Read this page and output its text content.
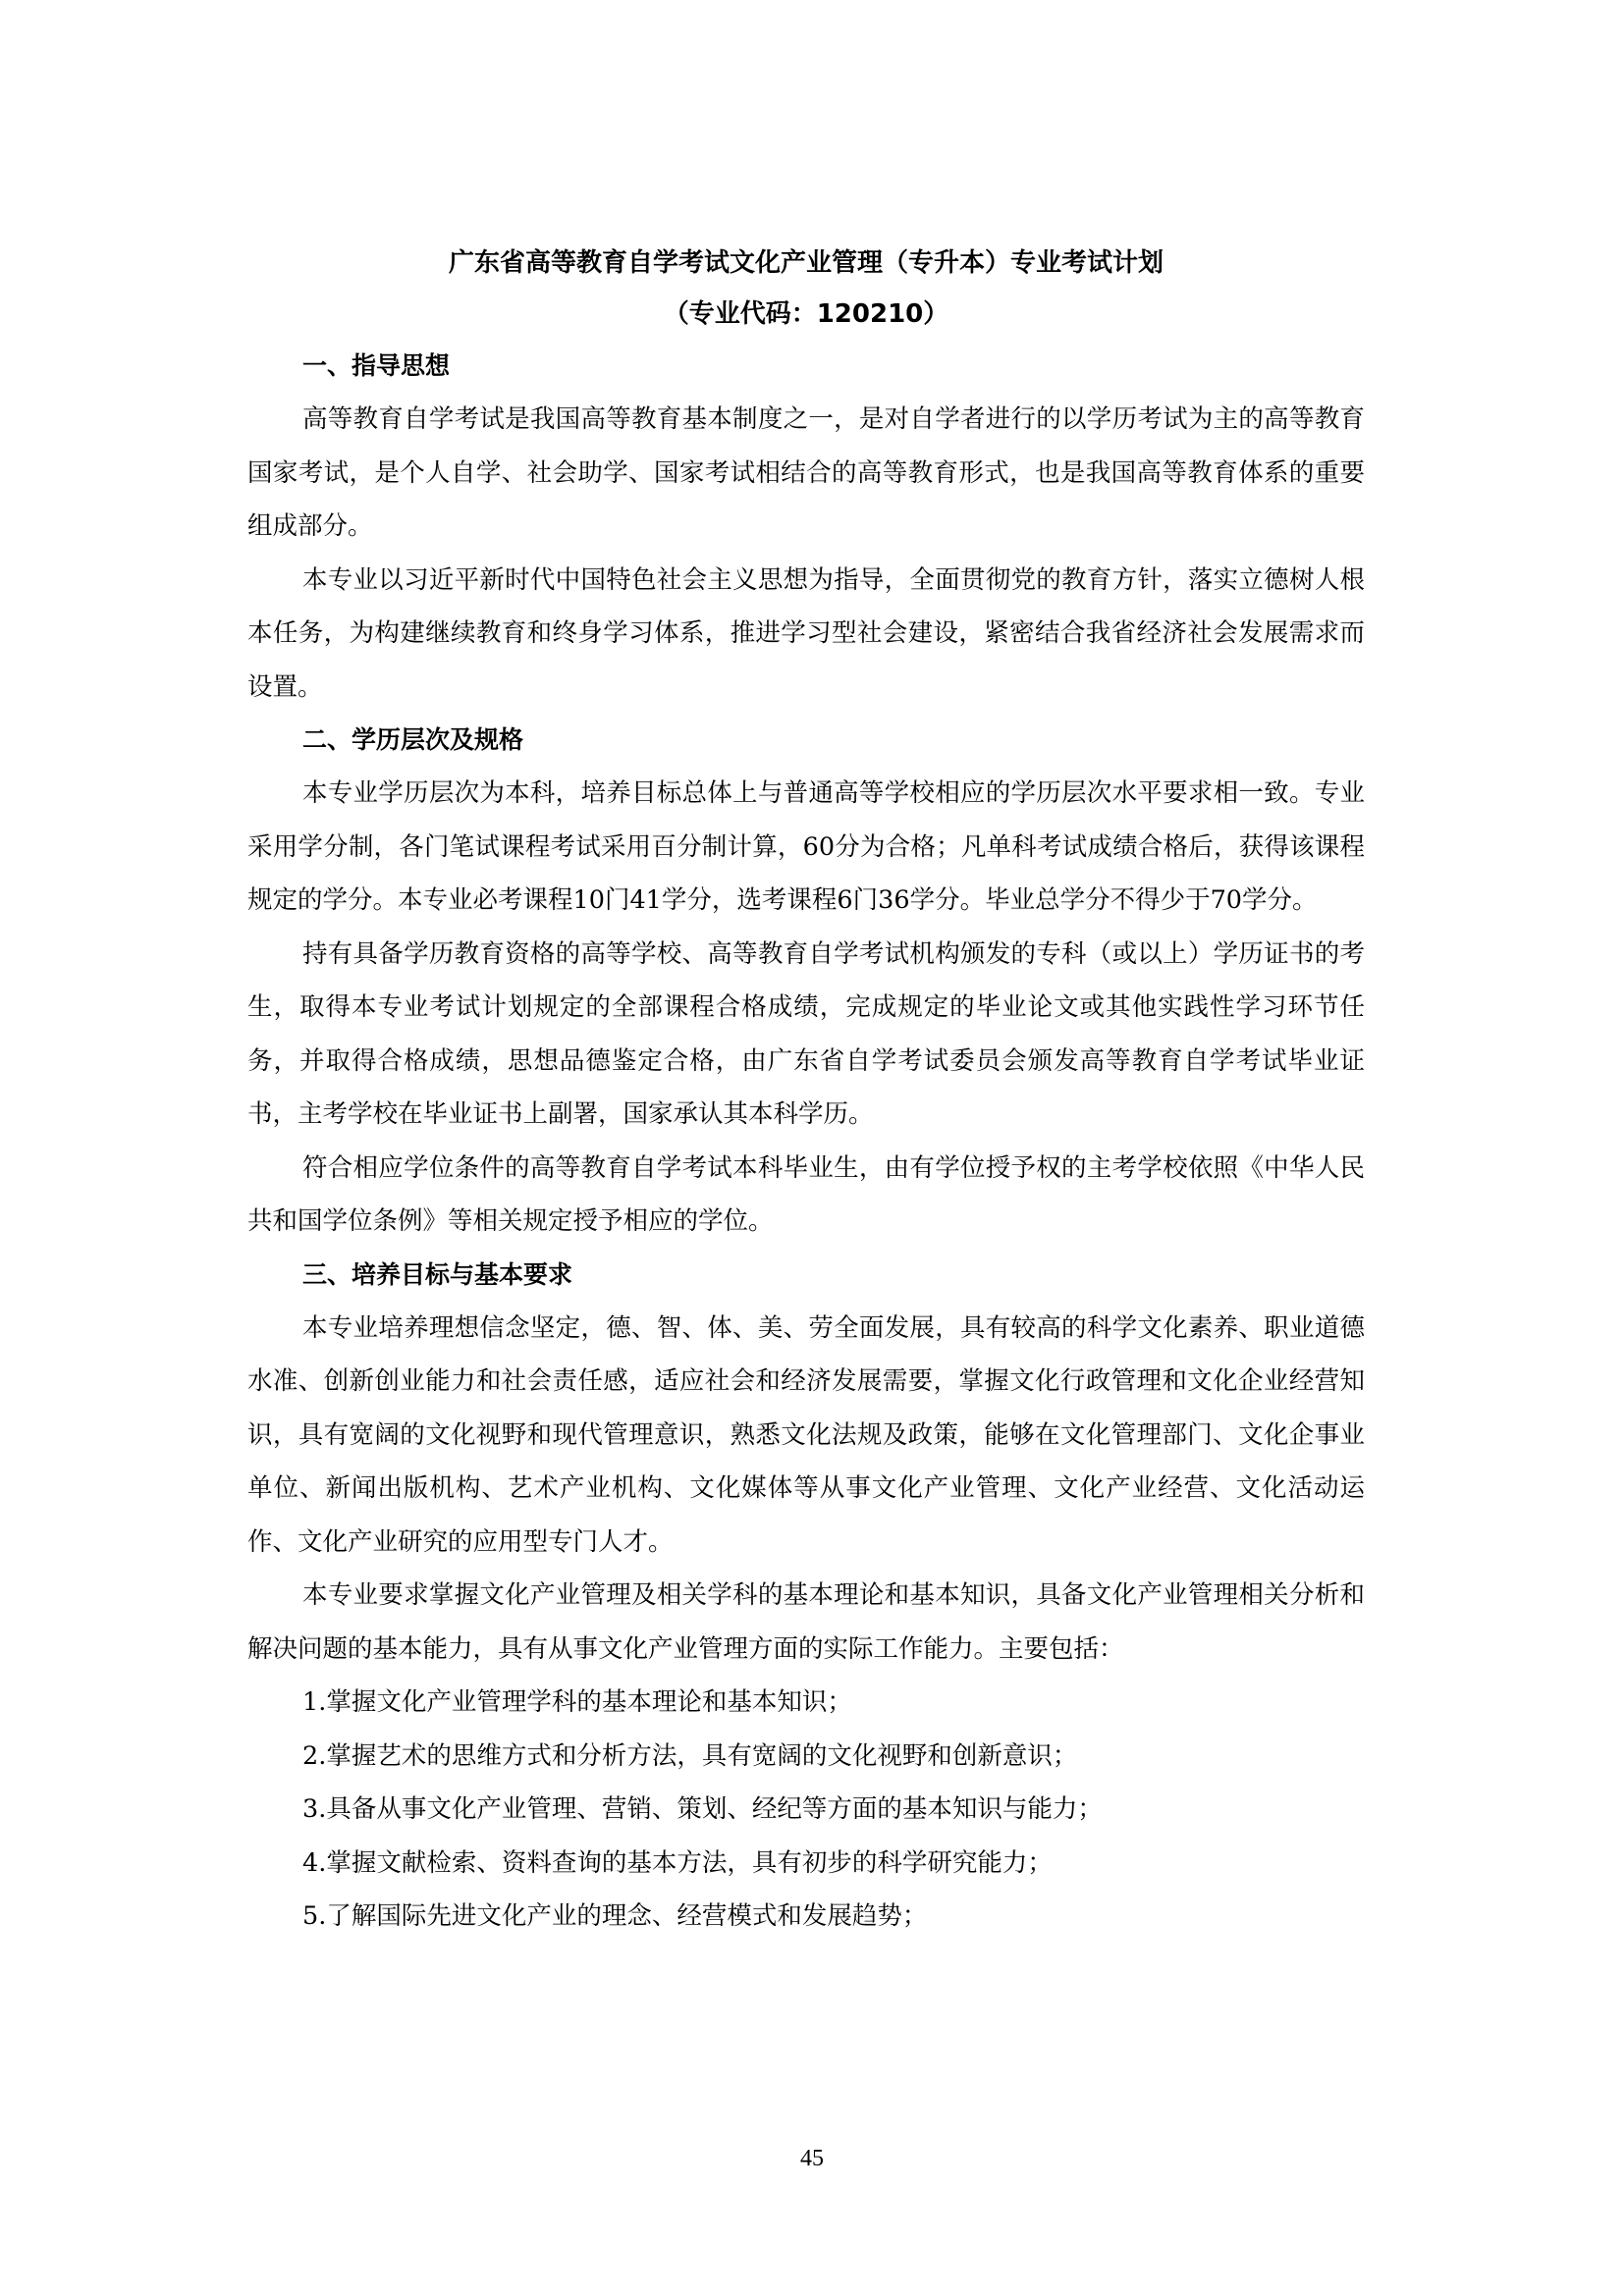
广东省高等教育自学考试文化产业管理（专升本）专业考试计划
（专业代码：120210）

一、指导思想

高等教育自学考试是我国高等教育基本制度之一，是对自学者进行的以学历考试为主的高等教育国家考试，是个人自学、社会助学、国家考试相结合的高等教育形式，也是我国高等教育体系的重要组成部分。

本专业以习近平新时代中国特色社会主义思想为指导，全面贯彻党的教育方针，落实立德树人根本任务，为构建继续教育和终身学习体系，推进学习型社会建设，紧密结合我省经济社会发展需求而设置。

二、学历层次及规格

本专业学历层次为本科，培养目标总体上与普通高等学校相应的学历层次水平要求相一致。专业采用学分制，各门笔试课程考试采用百分制计算，60分为合格；凡单科考试成绩合格后，获得该课程规定的学分。本专业必考课程10门41学分，选考课程6门36学分。毕业总学分不得少于70学分。

持有具备学历教育资格的高等学校、高等教育自学考试机构颁发的专科（或以上）学历证书的考生，取得本专业考试计划规定的全部课程合格成绩，完成规定的毕业论文或其他实践性学习环节任务，并取得合格成绩，思想品德鉴定合格，由广东省自学考试委员会颁发高等教育自学考试毕业证书，主考学校在毕业证书上副署，国家承认其本科学历。

符合相应学位条件的高等教育自学考试本科毕业生，由有学位授予权的主考学校依照《中华人民共和国学位条例》等相关规定授予相应的学位。

三、培养目标与基本要求

本专业培养理想信念坚定，德、智、体、美、劳全面发展，具有较高的科学文化素养、职业道德水准、创新创业能力和社会责任感，适应社会和经济发展需要，掌握文化行政管理和文化企业经营知识，具有宽阔的文化视野和现代管理意识，熟悉文化法规及政策，能够在文化管理部门、文化企事业单位、新闻出版机构、艺术产业机构、文化媒体等从事文化产业管理、文化产业经营、文化活动运作、文化产业研究的应用型专门人才。

本专业要求掌握文化产业管理及相关学科的基本理论和基本知识，具备文化产业管理相关分析和解决问题的基本能力，具有从事文化产业管理方面的实际工作能力。主要包括：

1.掌握文化产业管理学科的基本理论和基本知识；

2.掌握艺术的思维方式和分析方法，具有宽阔的文化视野和创新意识；

3.具备从事文化产业管理、营销、策划、经纪等方面的基本知识与能力；

4.掌握文献检索、资料查询的基本方法，具有初步的科学研究能力；

5.了解国际先进文化产业的理念、经营模式和发展趋势；

45
